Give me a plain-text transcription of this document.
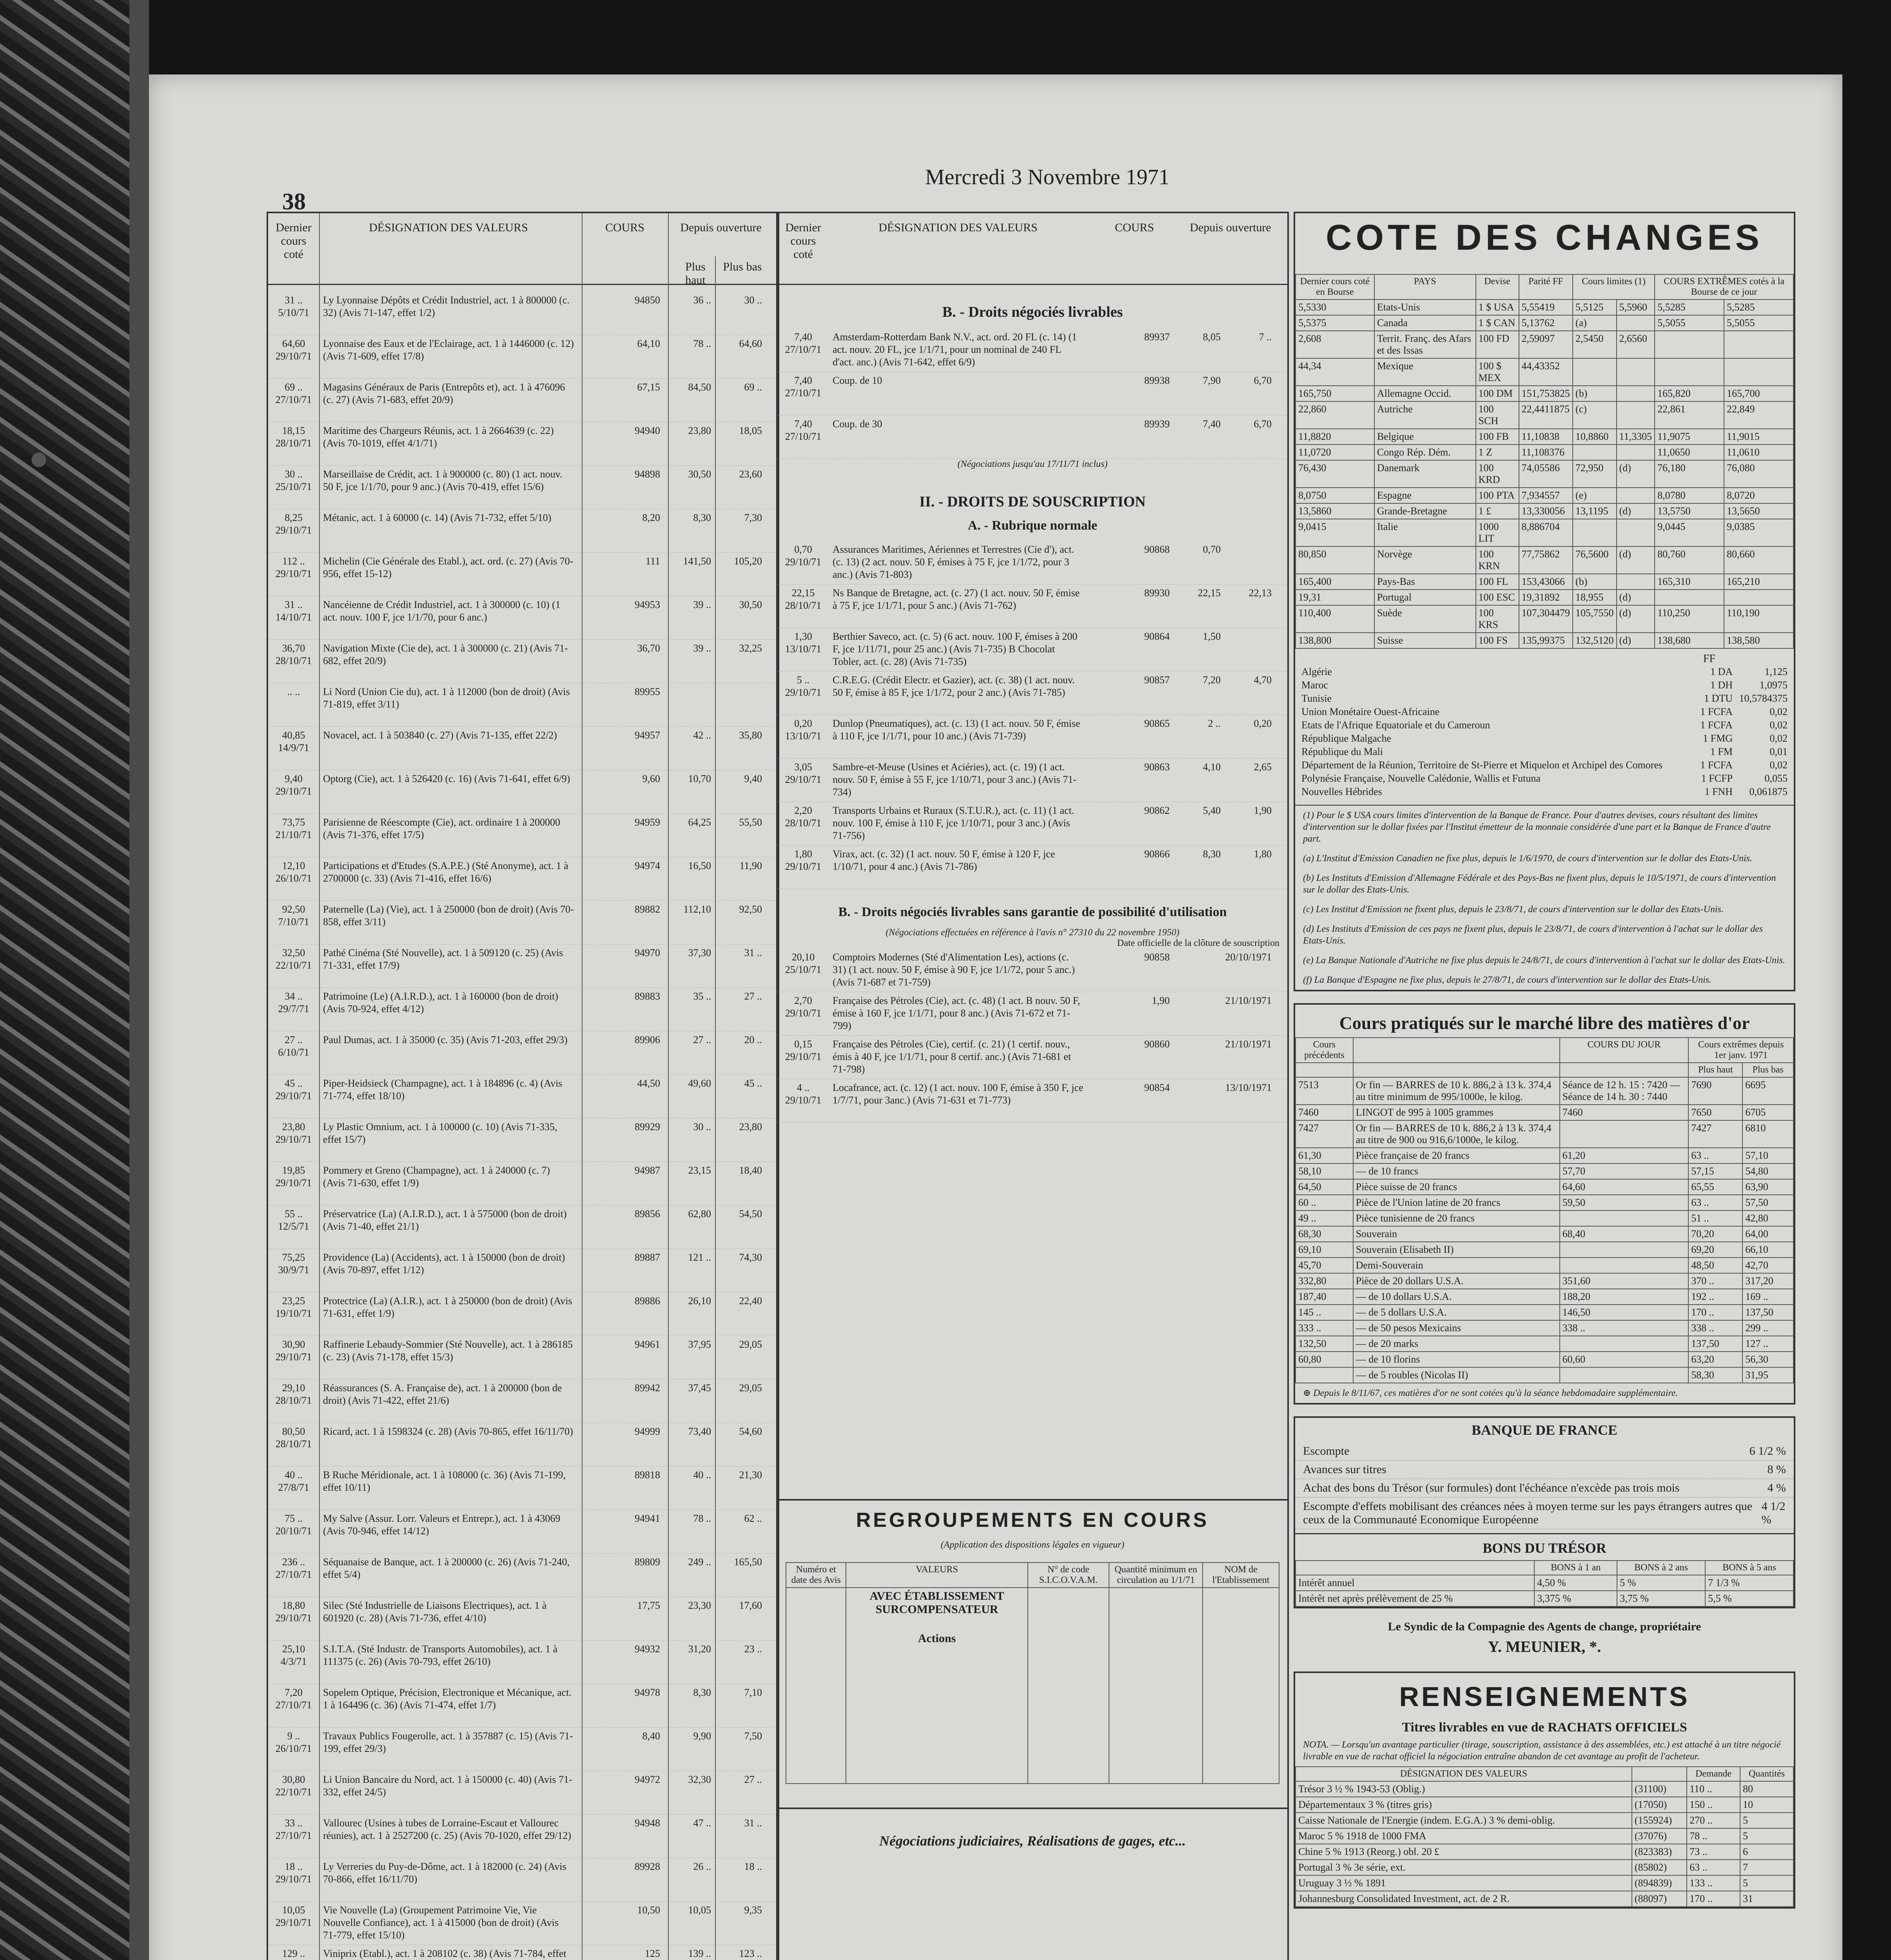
38
Mercredi 3 Novembre 1971
Dernier cours coté
DÉSIGNATION DES VALEURS	COURS	Depuis ouverture
Plus haut
Plus bas
31 .. 5/10/71
Ly Lyonnaise Dépôts et Crédit Industriel, act. 1 à 800000 (c. 32) (Avis 71-147, effet 1/2)
94850	36 ..	30 ..
64,60 29/10/71
Lyonnaise des Eaux et de l'Eclairage, act. 1 à 1446000 (c. 12) (Avis 71-609, effet 17/8)
64,10	78 ..	64,60
69 .. 27/10/71
Magasins Généraux de Paris (Entrepôts et), act. 1 à 476096 (c. 27) (Avis 71-683, effet 20/9)
67,15	84,50	69 ..
18,15 28/10/71
Maritime des Chargeurs Réunis, act. 1 à 2664639 (c. 22) (Avis 70-1019, effet 4/1/71)
94940	23,80	18,05
30 .. 25/10/71
Marseillaise de Crédit, act. 1 à 900000 (c. 80) (1 act. nouv. 50 F, jce 1/1/70, pour 9 anc.) (Avis 70-419, effet 15/6)
94898	30,50	23,60
8,25 29/10/71
Métanic, act. 1 à 60000 (c. 14) (Avis 71-732, effet 5/10)	8,20	8,30	7,30
112 .. 29/10/71
Michelin (Cie Générale des Etabl.), act. ord. (c. 27) (Avis 70-956, effet 15-12)
111	141,50	105,20
31 .. 14/10/71
Nancéienne de Crédit Industriel, act. 1 à 300000 (c. 10) (1 act. nouv. 100 F, jce 1/1/70, pour 6 anc.)
94953	39 ..	30,50
36,70 28/10/71
Navigation Mixte (Cie de), act. 1 à 300000 (c. 21) (Avis 71-682, effet 20/9)
36,70	39 ..	32,25
.. ..	Li Nord (Union Cie du), act. 1 à 112000 (bon de droit) (Avis 71-819, effet 3/11)
89955
40,85 14/9/71
Novacel, act. 1 à 503840 (c. 27) (Avis 71-135, effet 22/2)	94957	42 ..	35,80
9,40 29/10/71
Optorg (Cie), act. 1 à 526420 (c. 16) (Avis 71-641, effet 6/9)	9,60	10,70	9,40
73,75 21/10/71
Parisienne de Réescompte (Cie), act. ordinaire 1 à 200000 (Avis 71-376, effet 17/5)
94959	64,25	55,50
12,10 26/10/71
Participations et d'Etudes (S.A.P.E.) (Sté Anonyme), act. 1 à 2700000 (c. 33) (Avis 71-416, effet 16/6)
94974	16,50	11,90
92,50 7/10/71
Paternelle (La) (Vie), act. 1 à 250000 (bon de droit) (Avis 70-858, effet 3/11)
89882	112,10	92,50
32,50 22/10/71
Pathé Cinéma (Sté Nouvelle), act. 1 à 509120 (c. 25) (Avis 71-331, effet 17/9)
94970	37,30	31 ..
34 .. 29/7/71
Patrimoine (Le) (A.I.R.D.), act. 1 à 160000 (bon de droit) (Avis 70-924, effet 4/12)
89883	35 ..	27 ..
27 .. 6/10/71
Paul Dumas, act. 1 à 35000 (c. 35) (Avis 71-203, effet 29/3)	89906	27 ..	20 ..
45 .. 29/10/71
Piper-Heidsieck (Champagne), act. 1 à 184896 (c. 4) (Avis 71-774, effet 18/10)
44,50	49,60	45 ..
23,80 29/10/71
Ly Plastic Omnium, act. 1 à 100000 (c. 10) (Avis 71-335, effet 15/7)
89929	30 ..	23,80
19,85 29/10/71
Pommery et Greno (Champagne), act. 1 à 240000 (c. 7) (Avis 71-630, effet 1/9)
94987	23,15	18,40
55 .. 12/5/71
Préservatrice (La) (A.I.R.D.), act. 1 à 575000 (bon de droit) (Avis 71-40, effet 21/1)
89856	62,80	54,50
75,25 30/9/71
Providence (La) (Accidents), act. 1 à 150000 (bon de droit) (Avis 70-897, effet 1/12)
89887	121 ..	74,30
23,25 19/10/71
Protectrice (La) (A.I.R.), act. 1 à 250000 (bon de droit) (Avis 71-631, effet 1/9)
89886	26,10	22,40
30,90 29/10/71
Raffinerie Lebaudy-Sommier (Sté Nouvelle), act. 1 à 286185 (c. 23) (Avis 71-178, effet 15/3)
94961	37,95	29,05
29,10 28/10/71
Réassurances (S. A. Française de), act. 1 à 200000 (bon de droit) (Avis 71-422, effet 21/6)
89942	37,45	29,05
80,50 28/10/71
Ricard, act. 1 à 1598324 (c. 28) (Avis 70-865, effet 16/11/70)	94999	73,40	54,60
40 .. 27/8/71
B Ruche Méridionale, act. 1 à 108000 (c. 36) (Avis 71-199, effet 10/11)
89818	40 ..	21,30
75 .. 20/10/71
My Salve (Assur. Lorr. Valeurs et Entrepr.), act. 1 à 43069 (Avis 70-946, effet 14/12)
94941	78 ..	62 ..
236 .. 27/10/71
Séquanaise de Banque, act. 1 à 200000 (c. 26) (Avis 71-240, effet 5/4)
89809	249 ..	165,50
18,80 29/10/71
Silec (Sté Industrielle de Liaisons Electriques), act. 1 à 601920 (c. 28) (Avis 71-736, effet 4/10)
17,75	23,30	17,60
25,10 4/3/71
S.I.T.A. (Sté Industr. de Transports Automobiles), act. 1 à 111375 (c. 26) (Avis 70-793, effet 26/10)
94932	31,20	23 ..
7,20 27/10/71
Sopelem Optique, Précision, Electronique et Mécanique, act. 1 à 164496 (c. 36) (Avis 71-474, effet 1/7)
94978	8,30	7,10
9 .. 26/10/71
Travaux Publics Fougerolle, act. 1 à 357887 (c. 15) (Avis 71-199, effet 29/3)
8,40	9,90	7,50
30,80 22/10/71
Li Union Bancaire du Nord, act. 1 à 150000 (c. 40) (Avis 71-332, effet 24/5)
94972	32,30	27 ..
33 .. 27/10/71
Vallourec (Usines à tubes de Lorraine-Escaut et Vallourec réunies), act. 1 à 2527200 (c. 25) (Avis 70-1020, effet 29/12)
94948	47 ..	31 ..
18 .. 29/10/71
Ly Verreries du Puy-de-Dôme, act. 1 à 182000 (c. 24) (Avis 70-866, effet 16/11/70)
89928	26 ..	18 ..
10,05 29/10/71
Vie Nouvelle (La) (Groupement Patrimoine Vie, Vie Nouvelle Confiance), act. 1 à 415000 (bon de droit) (Avis 71-779, effet 15/10)
10,50	10,05	9,35
129 ..	Viniprix (Etabl.), act. 1 à 208102 (c. 38) (Avis 71-784, effet	125	139 ..	123 ..
Dernier cours coté
DÉSIGNATION DES VALEURS	COURS	Depuis ouverture
B. - Droits négociés livrables
7,40 27/10/71
Amsterdam-Rotterdam Bank N.V., act. ord. 20 FL (c. 14) (1 act. nouv. 20 FL, jce 1/1/71, pour un nominal de 240 FL d'act. anc.) (Avis 71-642, effet 6/9)
89937	8,05	7 ..
7,40 27/10/71
Coup. de 10	89938	7,90	6,70
7,40 27/10/71
Coup. de 30	89939	7,40	6,70
(Négociations jusqu'au 17/11/71 inclus)
II. - DROITS DE SOUSCRIPTION
A. - Rubrique normale
0,70 29/10/71
Assurances Maritimes, Aériennes et Terrestres (Cie d'), act. (c. 13) (2 act. nouv. 50 F, émises à 75 F, jce 1/1/72, pour 3 anc.) (Avis 71-803)
90868	0,70
22,15 28/10/71
Ns Banque de Bretagne, act. (c. 27) (1 act. nouv. 50 F, émise à 75 F, jce 1/1/71, pour 5 anc.) (Avis 71-762)
89930	22,15	22,13
1,30 13/10/71
Berthier Saveco, act. (c. 5) (6 act. nouv. 100 F, émises à 200 F, jce 1/11/71, pour 25 anc.) (Avis 71-735) B Chocolat Tobler, act. (c. 28) (Avis 71-735)
90864	1,50
5 .. 29/10/71
C.R.E.G. (Crédit Electr. et Gazier), act. (c. 38) (1 act. nouv. 50 F, émise à 85 F, jce 1/1/72, pour 2 anc.) (Avis 71-785)
90857	7,20	4,70
0,20 13/10/71
Dunlop (Pneumatiques), act. (c. 13) (1 act. nouv. 50 F, émise à 110 F, jce 1/1/71, pour 10 anc.) (Avis 71-739)
90865	2 ..	0,20
3,05 29/10/71
Sambre-et-Meuse (Usines et Aciéries), act. (c. 19) (1 act. nouv. 50 F, émise à 55 F, jce 1/10/71, pour 3 anc.) (Avis 71-734)
90863	4,10	2,65
2,20 28/10/71
Transports Urbains et Ruraux (S.T.U.R.), act. (c. 11) (1 act. nouv. 100 F, émise à 110 F, jce 1/10/71, pour 3 anc.) (Avis 71-756)
90862	5,40	1,90
1,80 29/10/71
Virax, act. (c. 32) (1 act. nouv. 50 F, émise à 120 F, jce 1/10/71, pour 4 anc.) (Avis 71-786)
90866	8,30	1,80
B. - Droits négociés livrables sans garantie de possibilité d'utilisation
(Négociations effectuées en référence à l'avis n° 27310 du 22 novembre 1950)
Date officielle de la clôture de souscription
20,10 25/10/71
Comptoirs Modernes (Sté d'Alimentation Les), actions (c. 31) (1 act. nouv. 50 F, émise à 90 F, jce 1/1/72, pour 5 anc.) (Avis 71-687 et 71-759)
90858	20/10/1971
2,70 29/10/71
Française des Pétroles (Cie), act. (c. 48) (1 act. B nouv. 50 F, émise à 160 F, jce 1/1/71, pour 8 anc.) (Avis 71-672 et 71-799)
1,90	21/10/1971
0,15 29/10/71
Française des Pétroles (Cie), certif. (c. 21) (1 certif. nouv., émis à 40 F, jce 1/1/71, pour 8 certif. anc.) (Avis 71-681 et 71-798)
90860	21/10/1971
4 .. 29/10/71
Locafrance, act. (c. 12) (1 act. nouv. 100 F, émise à 350 F, jce 1/7/71, pour 3anc.) (Avis 71-631 et 71-773)
90854	13/10/1971
REGROUPEMENTS EN COURS
(Application des dispositions légales en vigueur)
Numéro et date des Avis	VALEURS	N° de code S.I.C.O.V.A.M.	Quantité minimum en circulation au 1/1/71	NOM de l'Etablissement

	AVEC ÉTABLISSEMENT SURCOMPENSATEUR
Actions			

Négociations judiciaires, Réalisations de gages, etc...
COTE DES CHANGES
Dernier cours coté en Bourse	PAYS	Devise	Parité FF	Cours limites (1)		COURS EXTRÊMES cotés à la Bourse de ce jour	
5,5330	Etats-Unis	1 $ USA	5,55419	5,5125	5,5960	5,5285	5,5285
5,5375	Canada	1 $ CAN	5,13762	(a)		5,5055	5,5055
2,608	Territ. Franç. des Afars et des Issas	100 FD	2,59097	2,5450	2,6560		
44,34	Mexique	100 $ MEX	44,43352				
165,750	Allemagne Occid.	100 DM	151,753825	(b)		165,820	165,700
22,860	Autriche	100 SCH	22,4411875	(c)		22,861	22,849
11,8820	Belgique	100 FB	11,10838	10,8860	11,3305	11,9075	11,9015
11,0720	Congo Rép. Dém.	1 Z	11,108376			11,0650	11,0610
76,430	Danemark	100 KRD	74,05586	72,950	(d)	76,180	76,080
8,0750	Espagne	100 PTA	7,934557	(e)		8,0780	8,0720
13,5860	Grande-Bretagne	1 £	13,330056	13,1195	(d)	13,5750	13,5650
9,0415	Italie	1000 LIT	8,886704			9,0445	9,0385
80,850	Norvège	100 KRN	77,75862	76,5600	(d)	80,760	80,660
165,400	Pays-Bas	100 FL	153,43066	(b)		165,310	165,210
19,31	Portugal	100 ESC	19,31892	18,955	(d)		
110,400	Suède	100 KRS	107,304479	105,7550	(d)	110,250	110,190
138,800	Suisse	100 FS	135,99375	132,5120	(d)	138,680	138,580
FF
Algérie	1 DA	1,125
Maroc	1 DH	1,0975
Tunisie	1 DTU 10,5784375
Union Monétaire Ouest-Africaine	1 FCFA	0,02
Etats de l'Afrique Equatoriale et du Cameroun	1 FCFA	0,02
République Malgache	1 FMG	0,02
République du Mali	1 FM	0,01
Département de la Réunion, Territoire de St-Pierre et Miquelon et Archipel des Comores	1 FCFA	0,02
Polynésie Française, Nouvelle Calédonie, Wallis et Futuna	1 FCFP	0,055
Nouvelles Hébrides	1 FNH	0,061875
(1) Pour le $ USA cours limites d'intervention de la Banque de France. Pour d'autres devises, cours résultant des limites d'intervention sur le dollar fixées par l'Institut émetteur de la monnaie considérée d'une part et la Banque de France d'autre part.
(a) L'Institut d'Emission Canadien ne fixe plus, depuis le 1/6/1970, de cours d'intervention sur le dollar des Etats-Unis.
(b) Les Instituts d'Emission d'Allemagne Fédérale et des Pays-Bas ne fixent plus, depuis le 10/5/1971, de cours d'intervention sur le dollar des Etats-Unis.
(c) Les Institut d'Emission ne fixent plus, depuis le 23/8/71, de cours d'intervention sur le dollar des Etats-Unis.
(d) Les Instituts d'Emission de ces pays ne fixent plus, depuis le 23/8/71, de cours d'intervention à l'achat sur le dollar des Etats-Unis.
(e) La Banque Nationale d'Autriche ne fixe plus depuis le 24/8/71, de cours d'intervention à l'achat sur le dollar des Etats-Unis.
(f) La Banque d'Espagne ne fixe plus, depuis le 27/8/71, de cours d'intervention sur le dollar des Etats-Unis.
Cours pratiqués sur le marché libre des matières d'or
Cours précédents		COURS DU JOUR	Cours extrêmes depuis 1er janv. 1971	
			Plus haut	Plus bas
7513	Or fin — BARRES de 10 k. 886,2 à 13 k. 374,4 au titre minimum de 995/1000e, le kilog.	Séance de 12 h. 15 : 7420 — Séance de 14 h. 30 : 7440	7690	6695
7460	LINGOT de 995 à 1005 grammes	7460	7650	6705
7427	Or fin — BARRES de 10 k. 886,2 à 13 k. 374,4 au titre de 900 ou 916,6/1000e, le kilog.		7427	6810
61,30	Pièce française de 20 francs	61,20	63 ..	57,10
58,10	— de 10 francs	57,70	57,15	54,80
64,50	Pièce suisse de 20 francs	64,60	65,55	63,90
60 ..	Pièce de l'Union latine de 20 francs	59,50	63 ..	57,50
49 ..	Pièce tunisienne de 20 francs		51 ..	42,80
68,30	Souverain	68,40	70,20	64,00
69,10	Souverain (Elisabeth II)		69,20	66,10
45,70	Demi-Souverain		48,50	42,70
332,80	Pièce de 20 dollars U.S.A.	351,60	370 ..	317,20
187,40	— de 10 dollars U.S.A.	188,20	192 ..	169 ..
145 ..	— de 5 dollars U.S.A.	146,50	170 ..	137,50
333 ..	— de 50 pesos Mexicains	338 ..	338 ..	299 ..
132,50	— de 20 marks		137,50	127 ..
60,80	— de 10 florins	60,60	63,20	56,30
	— de 5 roubles (Nicolas II)		58,30	31,95
⊕ Depuis le 8/11/67, ces matières d'or ne sont cotées qu'à la séance hebdomadaire supplémentaire.
BANQUE DE FRANCE
Escompte	6 1/2 %
Avances sur titres	8 %
Achat des bons du Trésor (sur formules) dont l'échéance n'excède pas trois mois	4 %
Escompte d'effets mobilisant des créances nées à moyen terme sur les pays étrangers autres que ceux de la Communauté Economique Européenne
4 1/2 %
BONS DU TRÉSOR
	BONS à 1 an	BONS à 2 ans	BONS à 5 ans
Intérêt annuel	4,50 %	5 %	7 1/3 %
Intérêt net après prélèvement de 25 %	3,375 %	3,75 %	5,5 %
Le Syndic de la Compagnie des Agents de change, propriétaire
Y. MEUNIER, *.
RENSEIGNEMENTS
Titres livrables en vue de RACHATS OFFICIELS
NOTA. — Lorsqu'un avantage particulier (tirage, souscription, assistance à des assemblées, etc.) est attaché à un titre négocié livrable en vue de rachat officiel la négociation entraîne abandon de cet avantage au profit de l'acheteur.
DÉSIGNATION DES VALEURS		Demande	Quantités
Trésor 3 ½ % 1943-53 (Oblig.)	(31100)	110 ..	80
Départementaux 3 % (titres gris)	(17050)	150 ..	10
Caisse Nationale de l'Energie (indem. E.G.A.) 3 % demi-oblig.	(155924)	270 ..	5
Maroc 5 % 1918 de 1000 FMA	(37076)	78 ..	5
Chine 5 % 1913 (Reorg.) obl. 20 £	(823383)	73 ..	6
Portugal 3 % 3e série, ext.	(85802)	63 ..	7
Uruguay 3 ½ % 1891	(894839)	133 ..	5
Johannesburg Consolidated Investment, act. de 2 R.	(88097)	170 ..	31
